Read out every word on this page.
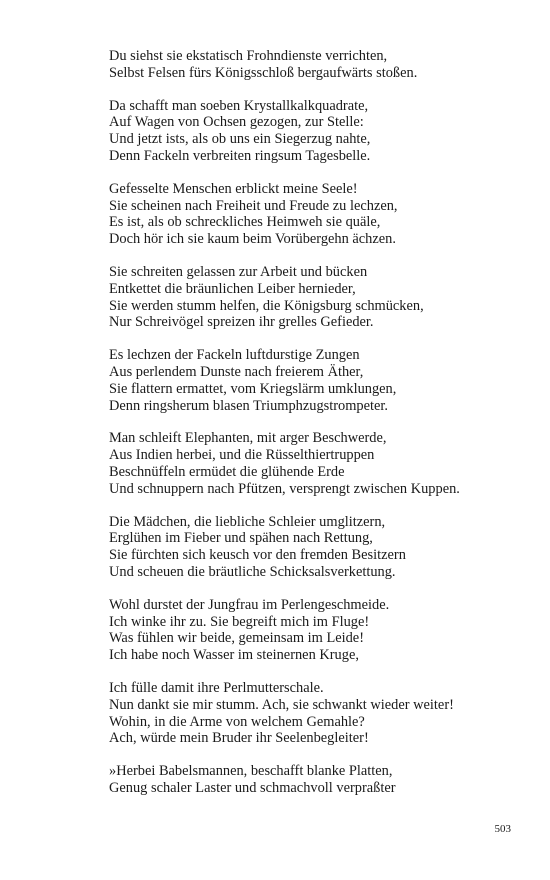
Du siehst sie ekstatisch Frohndienste verrichten,
Selbst Felsen fürs Königsschloß bergaufwärts stoßen.
Da schafft man soeben Krystallkalkquadrate,
Auf Wagen von Ochsen gezogen, zur Stelle:
Und jetzt ists, als ob uns ein Siegerzug nahte,
Denn Fackeln verbreiten ringsum Tagesbelle.
Gefesselte Menschen erblickt meine Seele!
Sie scheinen nach Freiheit und Freude zu lechzen,
Es ist, als ob schreckliches Heimweh sie quäle,
Doch hör ich sie kaum beim Vorübergehn ächzen.
Sie schreiten gelassen zur Arbeit und bücken
Entkettet die bräunlichen Leiber hernieder,
Sie werden stumm helfen, die Königsburg schmücken,
Nur Schreivögel spreizen ihr grelles Gefieder.
Es lechzen der Fackeln luftdurstige Zungen
Aus perlendem Dunste nach freierem Äther,
Sie flattern ermattet, vom Kriegslärm umklungen,
Denn ringsherum blasen Triumphzugstrompeter.
Man schleift Elephanten, mit arger Beschwerde,
Aus Indien herbei, und die Rüsselthiertruppen
Beschnüffeln ermüdet die glühende Erde
Und schnuppern nach Pfützen, versprengt zwischen Kuppen.
Die Mädchen, die liebliche Schleier umglitzern,
Erglühen im Fieber und spähen nach Rettung,
Sie fürchten sich keusch vor den fremden Besitzern
Und scheuen die bräutliche Schicksalsverkettung.
Wohl durstet der Jungfrau im Perlengeschmeide.
Ich winke ihr zu. Sie begreift mich im Fluge!
Was fühlen wir beide, gemeinsam im Leide!
Ich habe noch Wasser im steinernen Kruge,
Ich fülle damit ihre Perlmutterschale.
Nun dankt sie mir stumm. Ach, sie schwankt wieder weiter!
Wohin, in die Arme von welchem Gemahle?
Ach, würde mein Bruder ihr Seelenbegleiter!
»Herbei Babelsmannen, beschafft blanke Platten,
Genug schaler Laster und schmachvoll verpraßter
503
